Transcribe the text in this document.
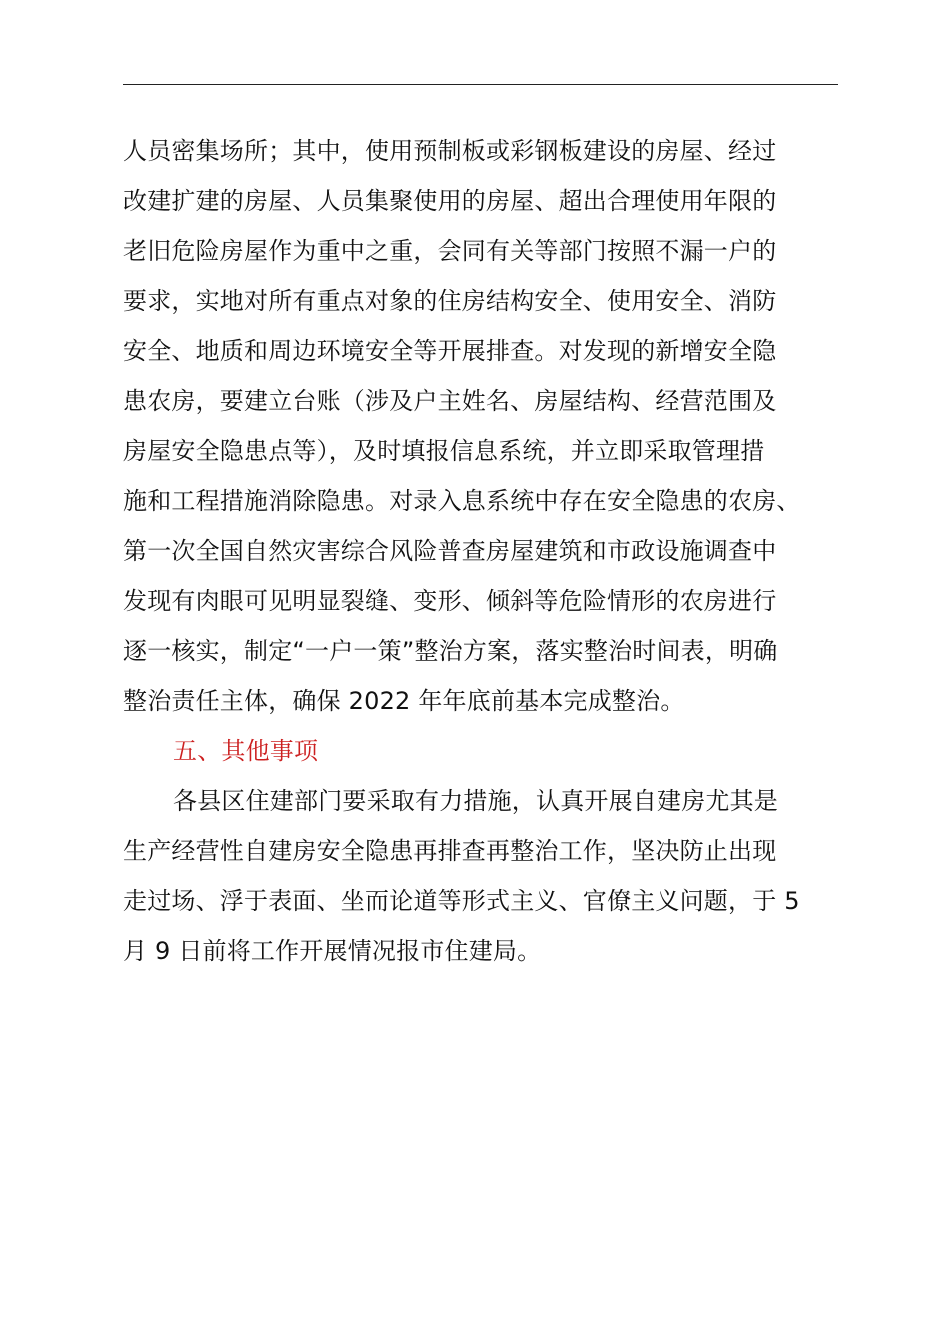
人员密集场所；其中，使用预制板或彩钢板建设的房屋、经过
改建扩建的房屋、人员集聚使用的房屋、超出合理使用年限的
老旧危险房屋作为重中之重，会同有关等部门按照不漏一户的
要求，实地对所有重点对象的住房结构安全、使用安全、消防
安全、地质和周边环境安全等开展排查。对发现的新增安全隐
患农房，要建立台账（涉及户主姓名、房屋结构、经营范围及
房屋安全隐患点等），及时填报信息系统，并立即采取管理措
施和工程措施消除隐患。对录入息系统中存在安全隐患的农房、
第一次全国自然灾害综合风险普查房屋建筑和市政设施调查中
发现有肉眼可见明显裂缝、变形、倾斜等危险情形的农房进行
逐一核实，制定“一户一策”整治方案，落实整治时间表，明确
整治责任主体，确保 2022 年年底前基本完成整治。
五、其他事项
各县区住建部门要采取有力措施，认真开展自建房尤其是
生产经营性自建房安全隐患再排查再整治工作，坚决防止出现
走过场、浮于表面、坐而论道等形式主义、官僚主义问题，于 5
月 9 日前将工作开展情况报市住建局。
